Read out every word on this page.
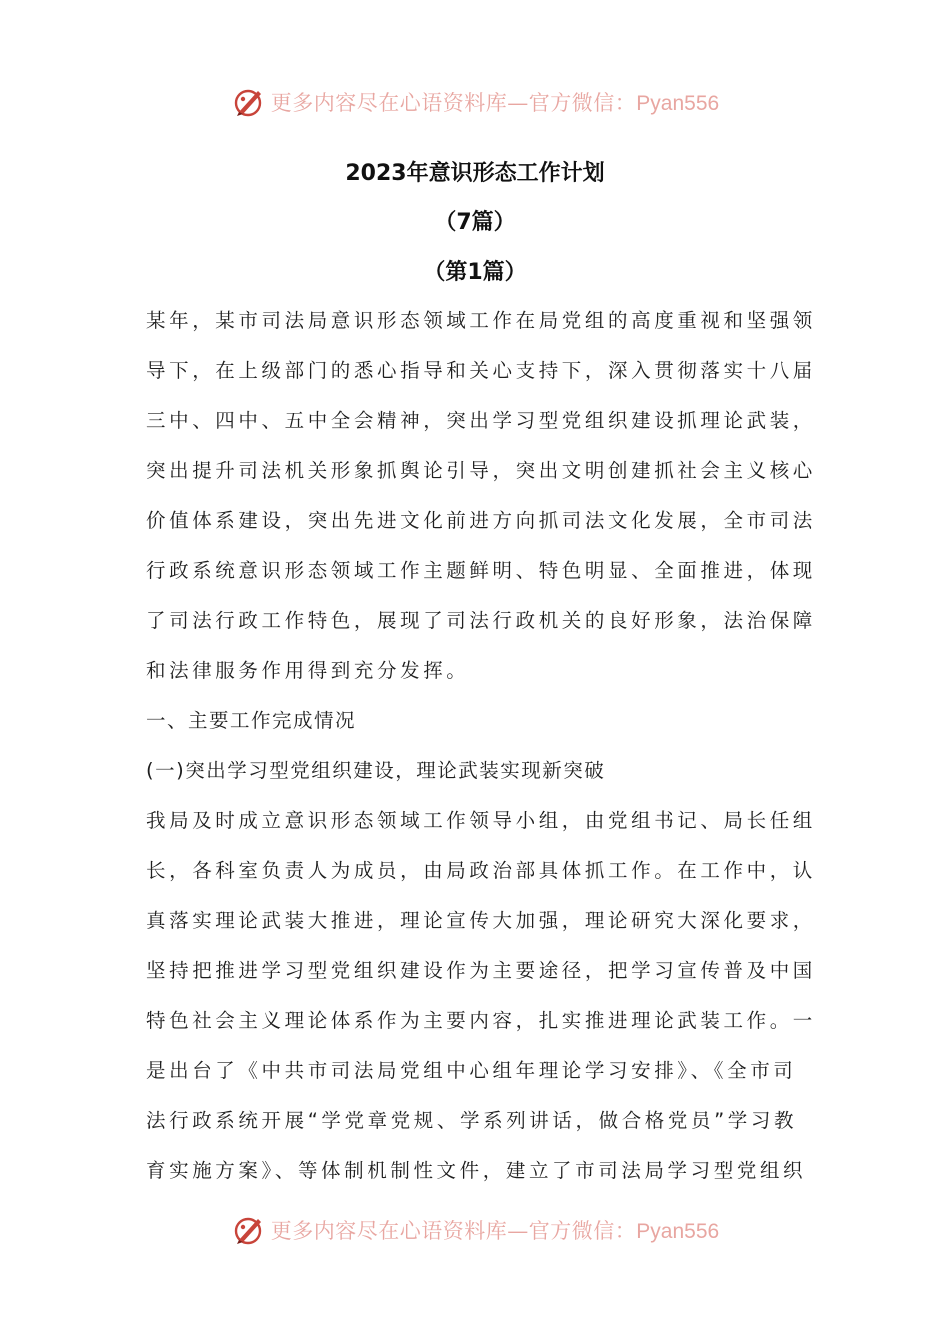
更多内容尽在心语资料库—官方微信：Pyan556
2023年意识形态工作计划
（7篇）
（第1篇）
某年，某市司法局意识形态领域工作在局党组的高度重视和坚强领
导下，在上级部门的悉心指导和关心支持下，深入贯彻落实十八届
三中、四中、五中全会精神，突出学习型党组织建设抓理论武装，
突出提升司法机关形象抓舆论引导，突出文明创建抓社会主义核心
价值体系建设，突出先进文化前进方向抓司法文化发展，全市司法
行政系统意识形态领域工作主题鲜明、特色明显、全面推进，体现
了司法行政工作特色，展现了司法行政机关的良好形象，法治保障
和法律服务作用得到充分发挥。
一、主要工作完成情况
(一)突出学习型党组织建设，理论武装实现新突破
我局及时成立意识形态领域工作领导小组，由党组书记、局长任组
长，各科室负责人为成员，由局政治部具体抓工作。在工作中，认
真落实理论武装大推进，理论宣传大加强，理论研究大深化要求，
坚持把推进学习型党组织建设作为主要途径，把学习宣传普及中国
特色社会主义理论体系作为主要内容，扎实推进理论武装工作。一
是出台了《中共市司法局党组中心组年理论学习安排》、《全市司
法行政系统开展“学党章党规、学系列讲话，做合格党员”学习教
育实施方案》、等体制机制性文件，建立了市司法局学习型党组织
更多内容尽在心语资料库—官方微信：Pyan556
